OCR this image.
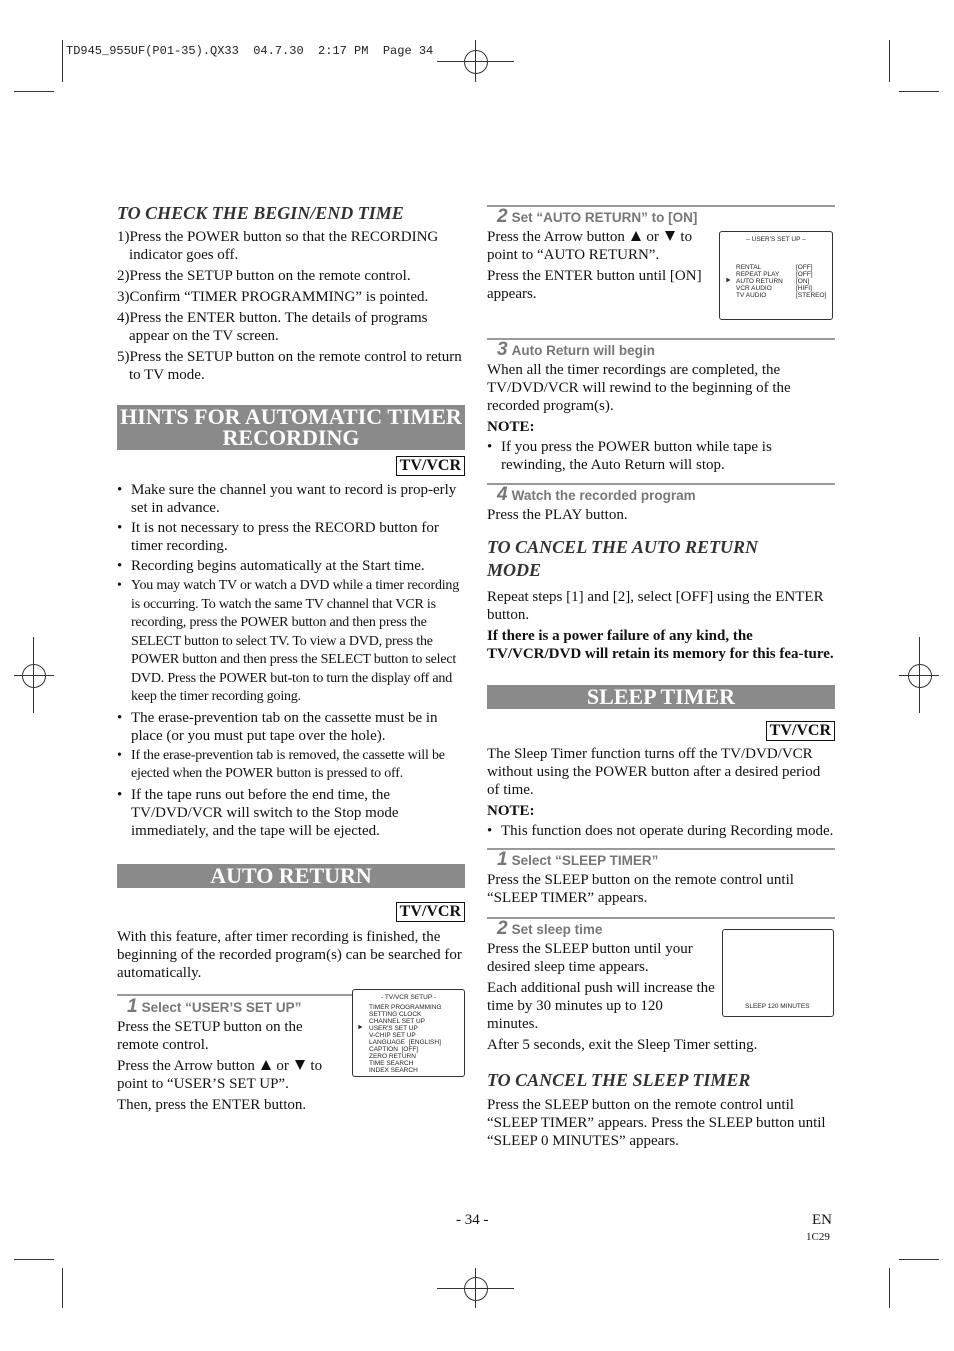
TD945_955UF(P01-35).QX33  04.7.30  2:17 PM  Page 34
TO CHECK THE BEGIN/END TIME

1)Press the POWER button so that the RECORDING indicator goes off.

2)Press the SETUP button on the remote control.

3)Confirm “TIMER PROGRAMMING” is pointed.

4)Press the ENTER button. The details of programs appear on the TV screen.

5)Press the SETUP button on the remote control to return to TV mode.

HINTS FOR AUTOMATIC TIMER RECORDING
TV/VCR

• Make sure the channel you want to record is prop-erly set in advance.

• It is not necessary to press the RECORD button for timer recording.

• Recording begins automatically at the Start time.

• You may watch TV or watch a DVD while a timer recording is occurring. To watch the same TV channel that VCR is recording, press the POWER button and then press the SELECT button to select TV. To view a DVD, press the POWER button and then press the SELECT button to select DVD. Press the POWER but-ton to turn the display off and keep the timer recording going.

• The erase-prevention tab on the cassette must be in place (or you must put tape over the hole).

• If the erase-prevention tab is removed, the cassette will be ejected when the POWER button is pressed to off.

• If the tape runs out before the end time, the TV/DVD/VCR will switch to the Stop mode immediately, and the tape will be ejected.

AUTO RETURN
TV/VCR

With this feature, after timer recording is finished, the beginning of the recorded program(s) can be searched for automatically.

1 Select “USER’S SET UP”

Press the SETUP button on the remote control.

Press the Arrow button or to point to “USER’S SET UP”.

Then, press the ENTER button.

- TV/VCR SETUP -
►
TIMER PROGRAMMING
SETTING CLOCK
CHANNEL SET UP
USER'S SET UP
V-CHIP SET UP
LANGUAGE  [ENGLISH]
CAPTION  [OFF]
ZERO RETURN
TIME SEARCH
INDEX SEARCH
2 Set “AUTO RETURN” to [ON]

Press the Arrow button or to point to “AUTO RETURN”.

Press the ENTER button until [ON] appears.

– USER'S SET UP –
►
RENTAL
REPEAT PLAY
AUTO RETURN
VCR AUDIO
TV AUDIO
[OFF]
[OFF]
[ON]
[HIFI]
[STEREO]
3 Auto Return will begin

When all the timer recordings are completed, the TV/DVD/VCR will rewind to the beginning of the recorded program(s).

NOTE:

• If you press the POWER button while tape is rewinding, the Auto Return will stop.

4 Watch the recorded program

Press the PLAY button.

TO CANCEL THE AUTO RETURN MODE

Repeat steps [1] and [2], select [OFF] using the ENTER button.

If there is a power failure of any kind, the TV/VCR/DVD will retain its memory for this fea-ture.

SLEEP TIMER
TV/VCR

The Sleep Timer function turns off the TV/DVD/VCR without using the POWER button after a desired period of time.

NOTE:

• This function does not operate during Recording mode.

1 Select “SLEEP TIMER”

Press the SLEEP button on the remote control until “SLEEP TIMER” appears.

2 Set sleep time

Press the SLEEP button until your desired sleep time appears.

Each additional push will increase the time by 30 minutes up to 120 minutes.

After 5 seconds, exit the Sleep Timer setting.

SLEEP 120 MINUTES
TO CANCEL THE SLEEP TIMER

Press the SLEEP button on the remote control until “SLEEP TIMER” appears. Press the SLEEP button until “SLEEP 0 MINUTES” appears.

- 34 -	EN
1C29
